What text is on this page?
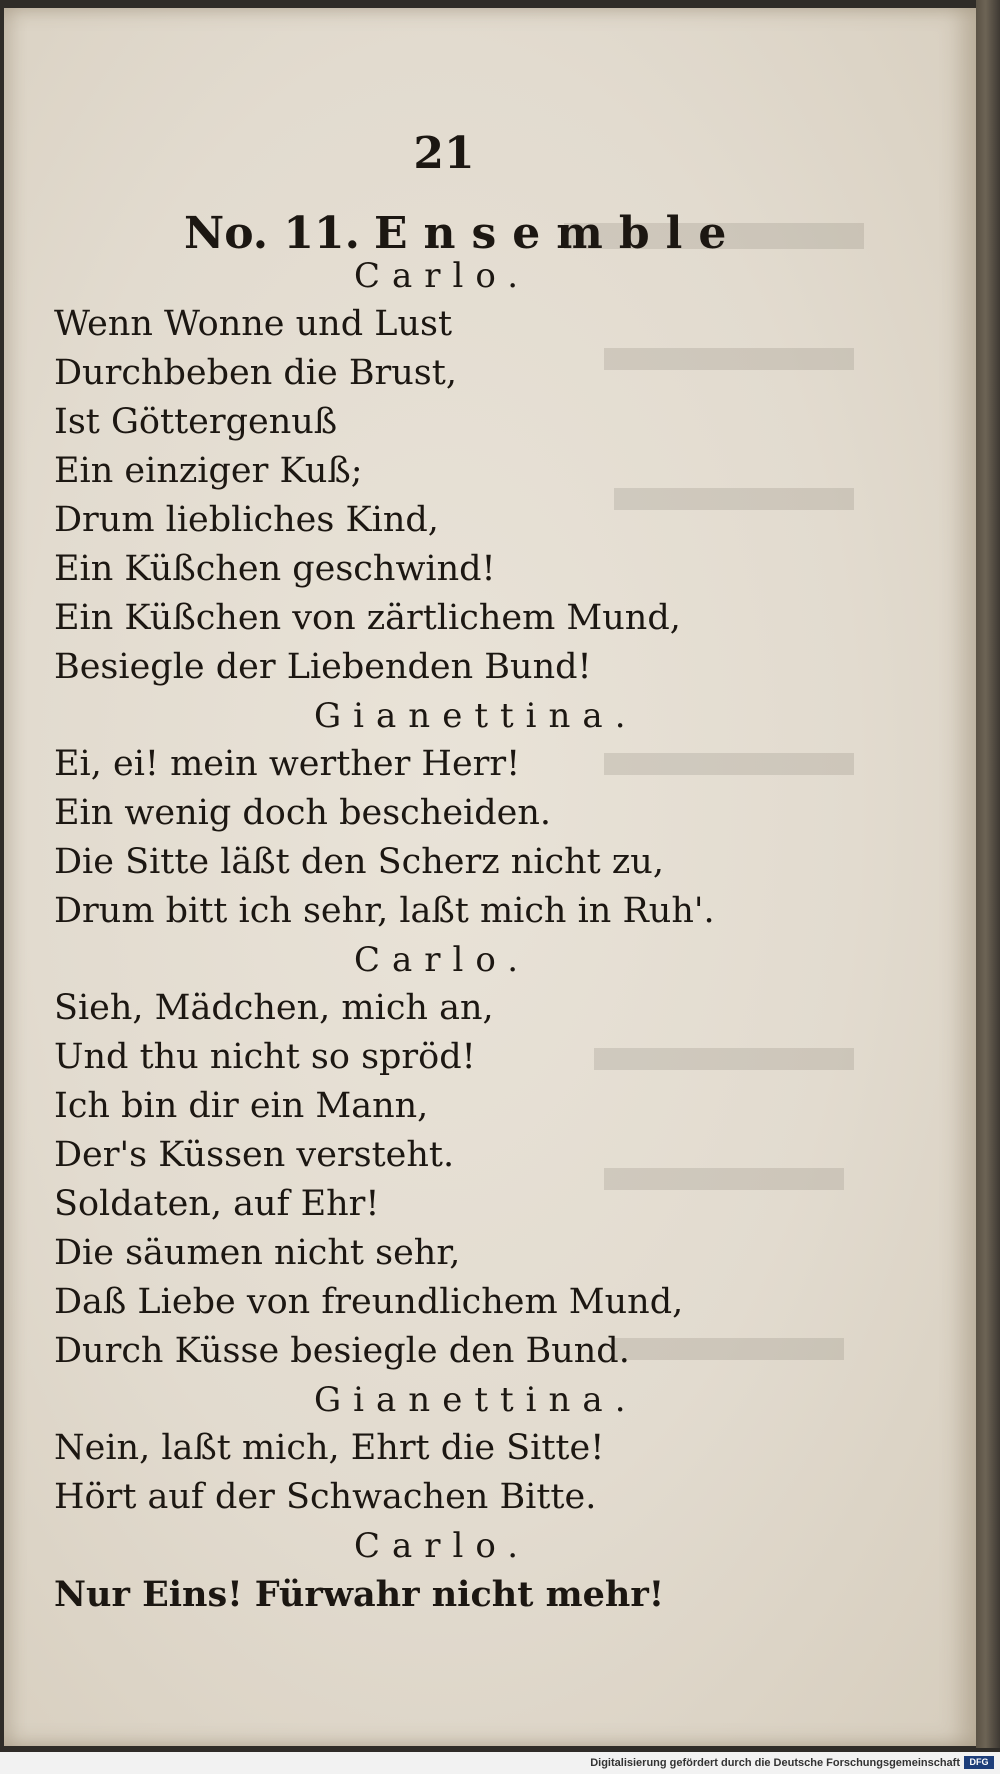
21
No. 11. Ensemble
Carlo.
Wenn Wonne und Lust
Durchbeben die Brust,
Ist Göttergenuß
Ein einziger Kuß;
Drum liebliches Kind,
Ein Küßchen geschwind!
Ein Küßchen von zärtlichem Mund,
Besiegle der Liebenden Bund!
Gianettina.
Ei, ei! mein werther Herr!
Ein wenig doch bescheiden.
Die Sitte läßt den Scherz nicht zu,
Drum bitt ich sehr, laßt mich in Ruh'.
Carlo.
Sieh, Mädchen, mich an,
Und thu nicht so spröd!
Ich bin dir ein Mann,
Der's Küssen versteht.
Soldaten, auf Ehr!
Die säumen nicht sehr,
Daß Liebe von freundlichem Mund,
Durch Küsse besiegle den Bund.
Gianettina.
Nein, laßt mich, Ehrt die Sitte!
Hört auf der Schwachen Bitte.
Carlo.
Nur Eins! Fürwahr nicht mehr!
Digitalisierung gefördert durch die Deutsche Forschungsgemeinschaft	DFG
